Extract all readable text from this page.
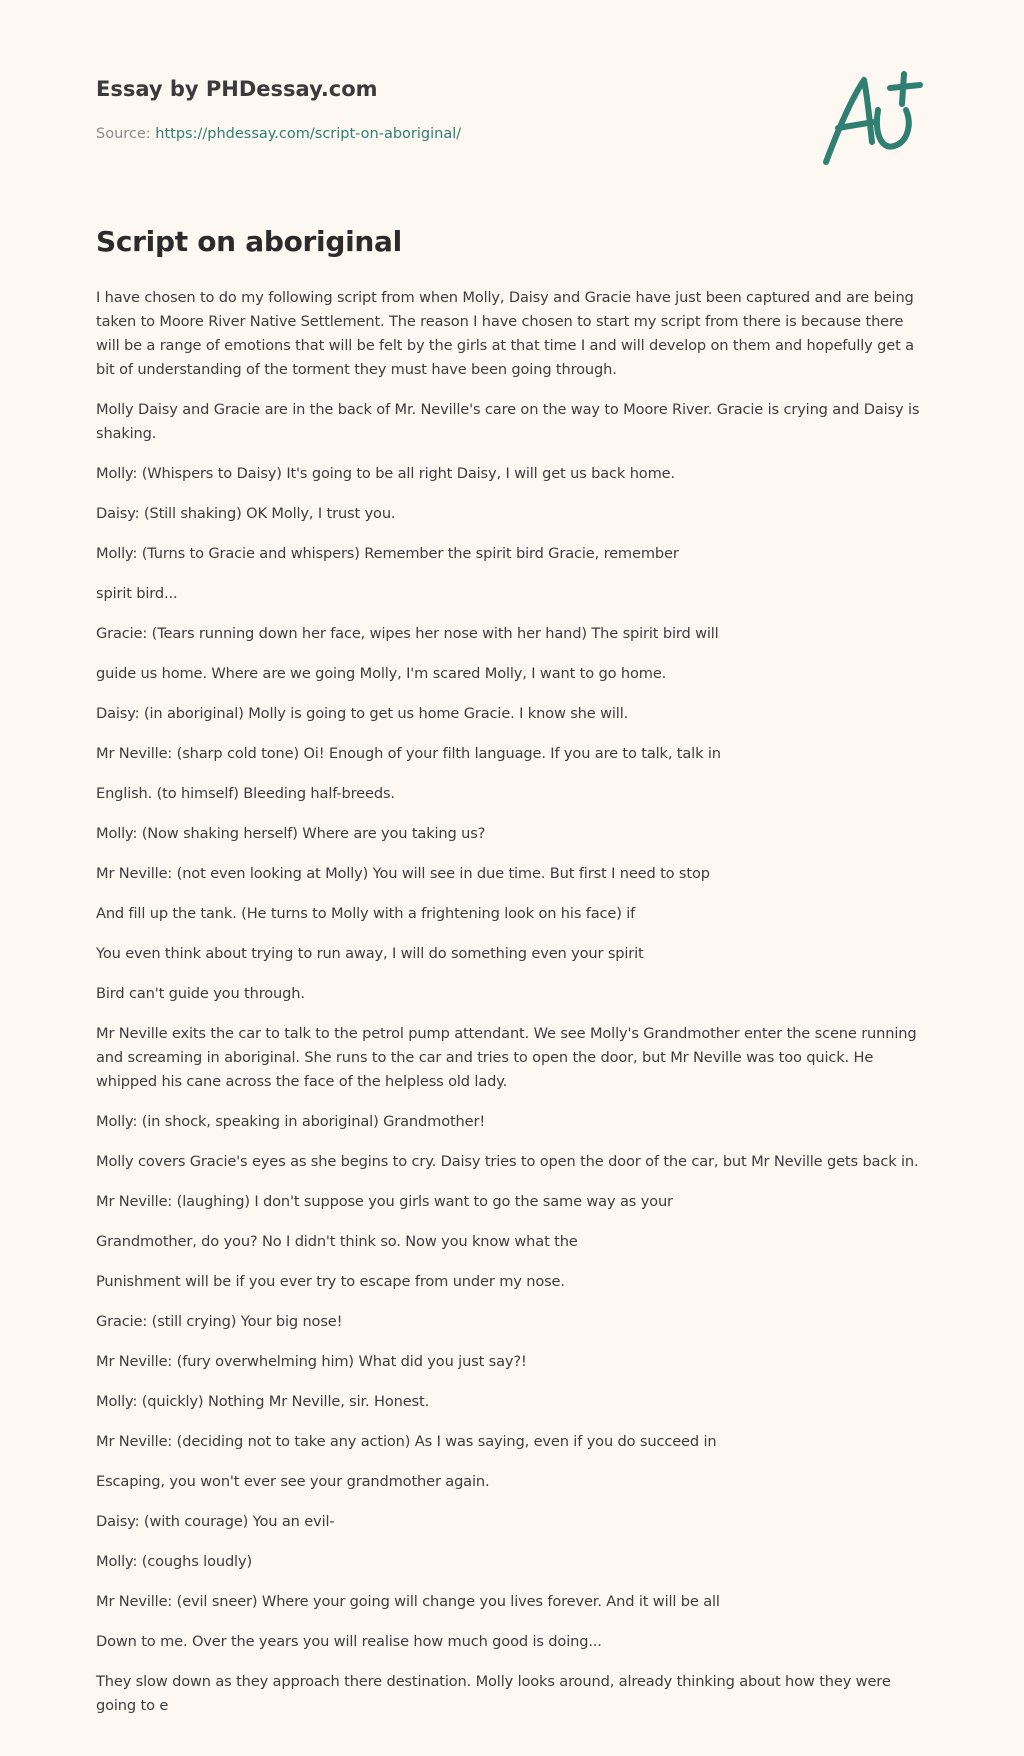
Essay by PHDessay.com
Source: https://phdessay.com/script-on-aboriginal/
Script on aboriginal

I have chosen to do my following script from when Molly, Daisy and Gracie have just been captured and are being taken to Moore River Native Settlement. The reason I have chosen to start my script from there is because there will be a range of emotions that will be felt by the girls at that time I and will develop on them and hopefully get a bit of understanding of the torment they must have been going through.

Molly Daisy and Gracie are in the back of Mr. Neville's care on the way to Moore River. Gracie is crying and Daisy is shaking.

Molly: (Whispers to Daisy) It's going to be all right Daisy, I will get us back home.

Daisy: (Still shaking) OK Molly, I trust you.

Molly: (Turns to Gracie and whispers) Remember the spirit bird Gracie, remember

spirit bird...

Gracie: (Tears running down her face, wipes her nose with her hand) The spirit bird will

guide us home. Where are we going Molly, I'm scared Molly, I want to go home.

Daisy: (in aboriginal) Molly is going to get us home Gracie. I know she will.

Mr Neville: (sharp cold tone) Oi! Enough of your filth language. If you are to talk, talk in

English. (to himself) Bleeding half-breeds.

Molly: (Now shaking herself) Where are you taking us?

Mr Neville: (not even looking at Molly) You will see in due time. But first I need to stop

And fill up the tank. (He turns to Molly with a frightening look on his face) if

You even think about trying to run away, I will do something even your spirit

Bird can't guide you through.

Mr Neville exits the car to talk to the petrol pump attendant. We see Molly's Grandmother enter the scene running and screaming in aboriginal. She runs to the car and tries to open the door, but Mr Neville was too quick. He whipped his cane across the face of the helpless old lady.

Molly: (in shock, speaking in aboriginal) Grandmother!

Molly covers Gracie's eyes as she begins to cry. Daisy tries to open the door of the car, but Mr Neville gets back in.

Mr Neville: (laughing) I don't suppose you girls want to go the same way as your

Grandmother, do you? No I didn't think so. Now you know what the

Punishment will be if you ever try to escape from under my nose.

Gracie: (still crying) Your big nose!

Mr Neville: (fury overwhelming him) What did you just say?!

Molly: (quickly) Nothing Mr Neville, sir. Honest.

Mr Neville: (deciding not to take any action) As I was saying, even if you do succeed in

Escaping, you won't ever see your grandmother again.

Daisy: (with courage) You an evil-

Molly: (coughs loudly)

Mr Neville: (evil sneer) Where your going will change you lives forever. And it will be all

Down to me. Over the years you will realise how much good is doing...

They slow down as they approach there destination. Molly looks around, already thinking about how they were going to e
